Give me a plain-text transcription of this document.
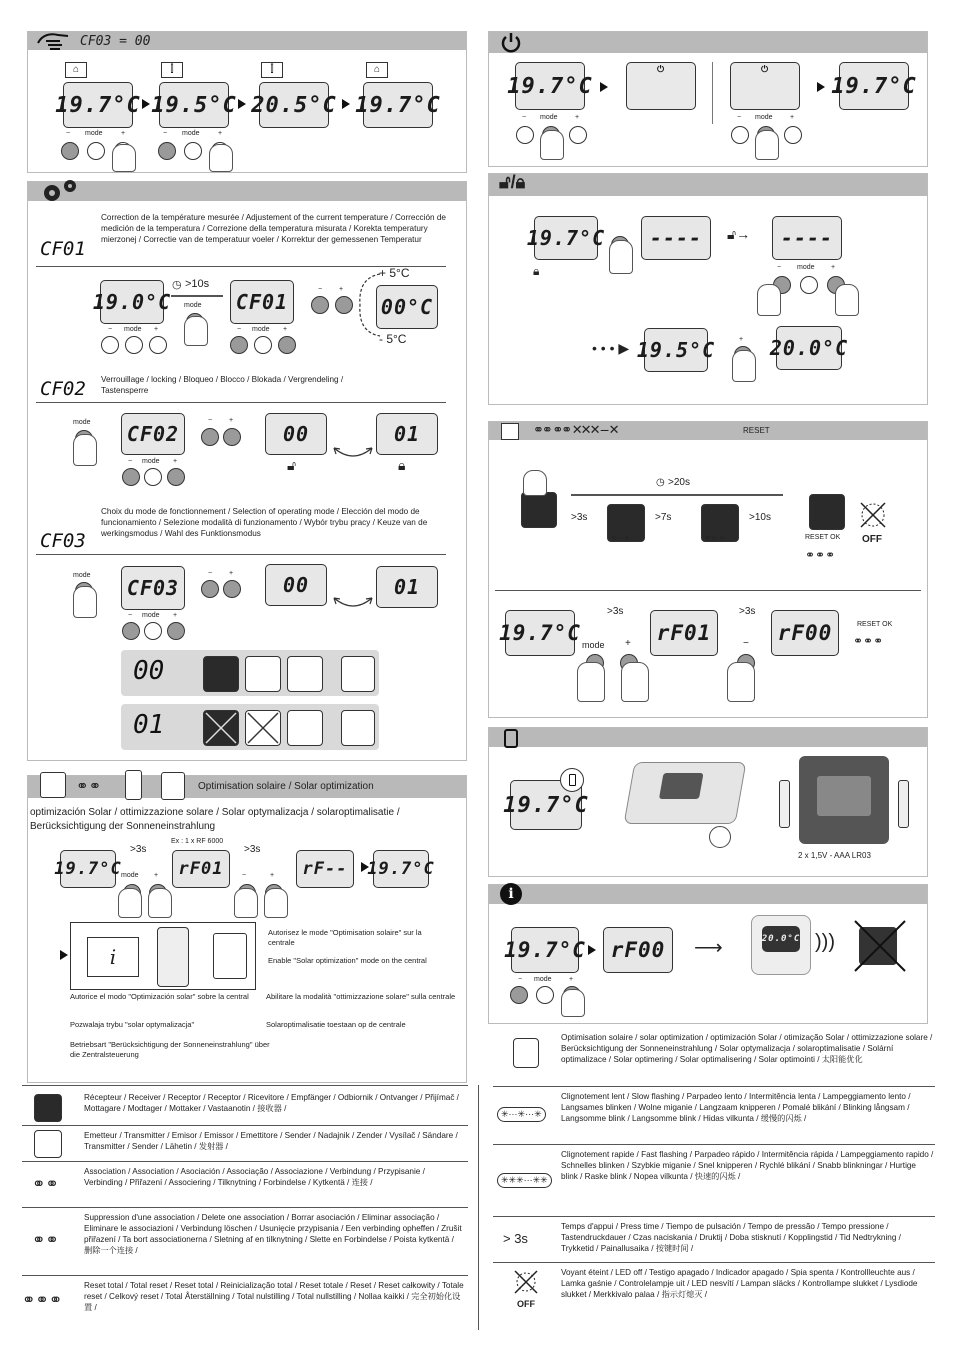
CF03 = 00
⌂
19.7°C
⫿
19.5°C
⫿
20.5°C
⌂
19.7°C
− mode	+	− mode	+
19.7°C
⏻	⏻
19.7°C
− mode +	− mode +
CF01
Correction de la température mesurée / Adjustement of the current temperature / Corrección de medición de la temperatura / Correzione della temperatura misurata / Korekta temperatury mierzonej / Correctie van de temperatuur voeler / Korrektur der gemessenen Temperatur
19.0°C
− mode +
◷ >10s
mode CF01
− mode +
− +
+ 5°C
- 5°C
00°C
CF02 Verrouillage / locking / Bloqueo / Blocco / Blokada / Vergrendeling / Tastensperre
mode CF02
− mode +
− +
00
🔓︎
01
🔒︎
CF03
Choix du mode de fonctionnement / Selection of operating mode / Elección del modo de funcionamiento / Selezione modalità di funzionamento / Wybór trybu pracy / Keuze van de werkingsmodus / Wahl des Funktionsmodus
mode
CF03
− mode +
− +	00	01
00
01
🔓︎/🔒︎
19.7°C
🔒︎
----	🔓︎→	----
− mode +
• • • ▶ 19.5°C	+ 20.0°C
⚭⚭ ⚭⚭ ✕✕✕ --- ✕	RESET
◷ >20s
>3s
✳···✳···
>7s
✳✳·✳·
>10s
RESET OK
⚭⚭⚭
OFF
19.7°C
>3s
rF01
>3s
rF00	RESET OK
⚭⚭⚭
mode +	−
19.7°C
2 x 1,5V - AAA LR03
i
19.7°C
− mode +
rF00	⟶	20.0°C )))
⚭⚭	Optimisation solaire / Solar optimization
optimización Solar / ottimizzazione solare / Solar optymalizacja / solaroptimalisatie / Berücksichtigung der Sonneneinstrahlung
Ex : 1 x RF 6000
19.7°C
>3s
mode +	rF01
>3s
−	+	rF--	19.7°C
i
Autorisez le mode "Optimisation solaire" sur la centrale
Enable "Solar optimization" mode on the central
Autorice el modo "Optimización solar" sobre la central Abilitare la modalità "ottimizzazione solare" sulla centrale
Pozwalaja trybu "solar optymalizacja"	Solaroptimalisatie toestaan op de centrale
Betriebsart "Berücksichtigung der Sonneneinstrahlung" über die Zentralsteuerung
Récepteur / Receiver / Receptor / Receptor / Ricevitore / Empfänger / Odbiornik / Ontvanger / Přijímač / Mottagare / Modtager / Mottaker / Vastaanotin / 接收器 /
Emetteur / Transmitter / Emisor / Emissor / Emettitore / Sender / Nadajnik / Zender / Vysílač / Sändare / Transmitter / Sender / Lähetin / 发射器 /
⚭⚭
Association / Association / Asociación / Associação / Associazione / Verbindung / Przypisanie / Verbinding / Přiřazení / Associering / Tilknytning / Forbindelse / Kytkentä / 连接 /
⚭⚭
Suppression d'une association / Delete one association / Borrar asociación / Eliminar associação / Eliminare le associazioni / Verbindung löschen / Usunięcie przypisania / Een verbinding opheffen / Zrušit přiřazení / Ta bort associationerna / Sletning af en tilknytning / Slette en Forbindelse / Poista kytkentä / 删除一个连接 /
⚭⚭⚭
Reset total / Total reset / Reset total / Reinicialização total / Reset totale / Reset / Reset całkowity / Totale reset / Celkový reset / Total Återställning / Total nulstilling / Total nullstilling / Nollaa kaikki / 完全初始化设置 /
Optimisation solaire / solar optimization / optimización Solar / otimização Solar / ottimizzazione solare / Berücksichtigung der Sonneneinstrahlung / Solar optymalizacja / solaroptimalisatie / Solární optimalizace / Solar optimering / Solar optimalisering / Solar optimointi / 太阳能优化
✳···✳···✳
Clignotement lent / Slow flashing / Parpadeo lento / Intermitência lenta / Lampeggiamento lento / Langsames blinken / Wolne miganie / Langzaam knipperen / Pomalé blikání / Blinking långsam / Langsomme blink / Langsomme blink / Hidas vilkunta / 缓慢的闪烁 /
✳✳✳···✳✳
Clignotement rapide / Fast flashing / Parpadeo rápido / Intermitência rápida / Lampeggiamento rapido / Schnelles blinken / Szybkie miganie / Snel knipperen / Rychlé blikání / Snabb blinkningar / Hurtige blink / Raske blink / Nopea vilkunta / 快速的闪烁 /
> 3s
Temps d'appui / Press time / Tiempo de pulsación / Tempo de pressão / Tempo pressione / Tastendruckdauer / Czas naciskania / Druktij / Doba stisknutí / Kopplingstid / Tid Nedtrykning / Trykketid / Painallusaika / 按键时间 /
OFF
Voyant éteint / LED off / Testigo apagado / Indicador apagado / Spia spenta / Kontrollleuchte aus / Lamka gaśnie / Controlelampje uit / LED nesvítí / Lampan släcks / Kontrollampe slukket / Lysdiode slukket / Merkkivalo palaa / 指示灯熄灭 /
